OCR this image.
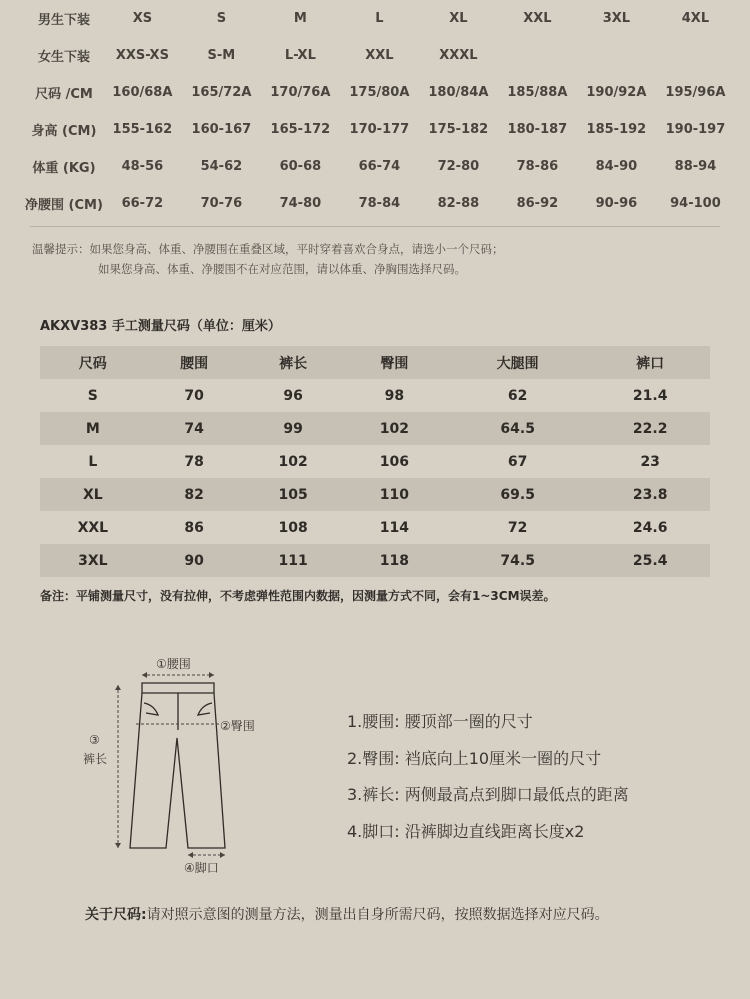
男生下装	XS	S	M	L	XL	XXL	3XL	4XL
女生下装	XXS-XS	S-M	L-XL	XXL	XXXL			
尺码 /CM	160/68A	165/72A	170/76A	175/80A	180/84A	185/88A	190/92A	195/96A
身高 (CM)	155-162	160-167	165-172	170-177	175-182	180-187	185-192	190-197
体重 (KG)	48-56	54-62	60-68	66-74	72-80	78-86	84-90	88-94
净腰围 (CM)	66-72	70-76	74-80	78-84	82-88	86-92	90-96	94-100
温馨提示：如果您身高、体重、净腰围在重叠区域，平时穿着喜欢合身点，请选小一个尺码；
如果您身高、体重、净腰围不在对应范围，请以体重、净胸围选择尺码。
AKXV383 手工测量尺码（单位：厘米）
尺码	腰围	裤长	臀围	大腿围	裤口
S	70	96	98	62	21.4
M	74	99	102	64.5	22.2
L	78	102	106	67	23
XL	82	105	110	69.5	23.8
XXL	86	108	114	72	24.6
3XL	90	111	118	74.5	25.4
备注：平铺测量尺寸，没有拉伸，不考虑弹性范围内数据，因测量方式不同，会有1~3CM误差。
①腰围
②臀围
③
裤长
④脚口
1.腰围: 腰顶部一圈的尺寸
2.臀围: 裆底向上10厘米一圈的尺寸
3.裤长: 两侧最高点到脚口最低点的距离
4.脚口: 沿裤脚边直线距离长度x2
关于尺码:请对照示意图的测量方法，测量出自身所需尺码，按照数据选择对应尺码。
